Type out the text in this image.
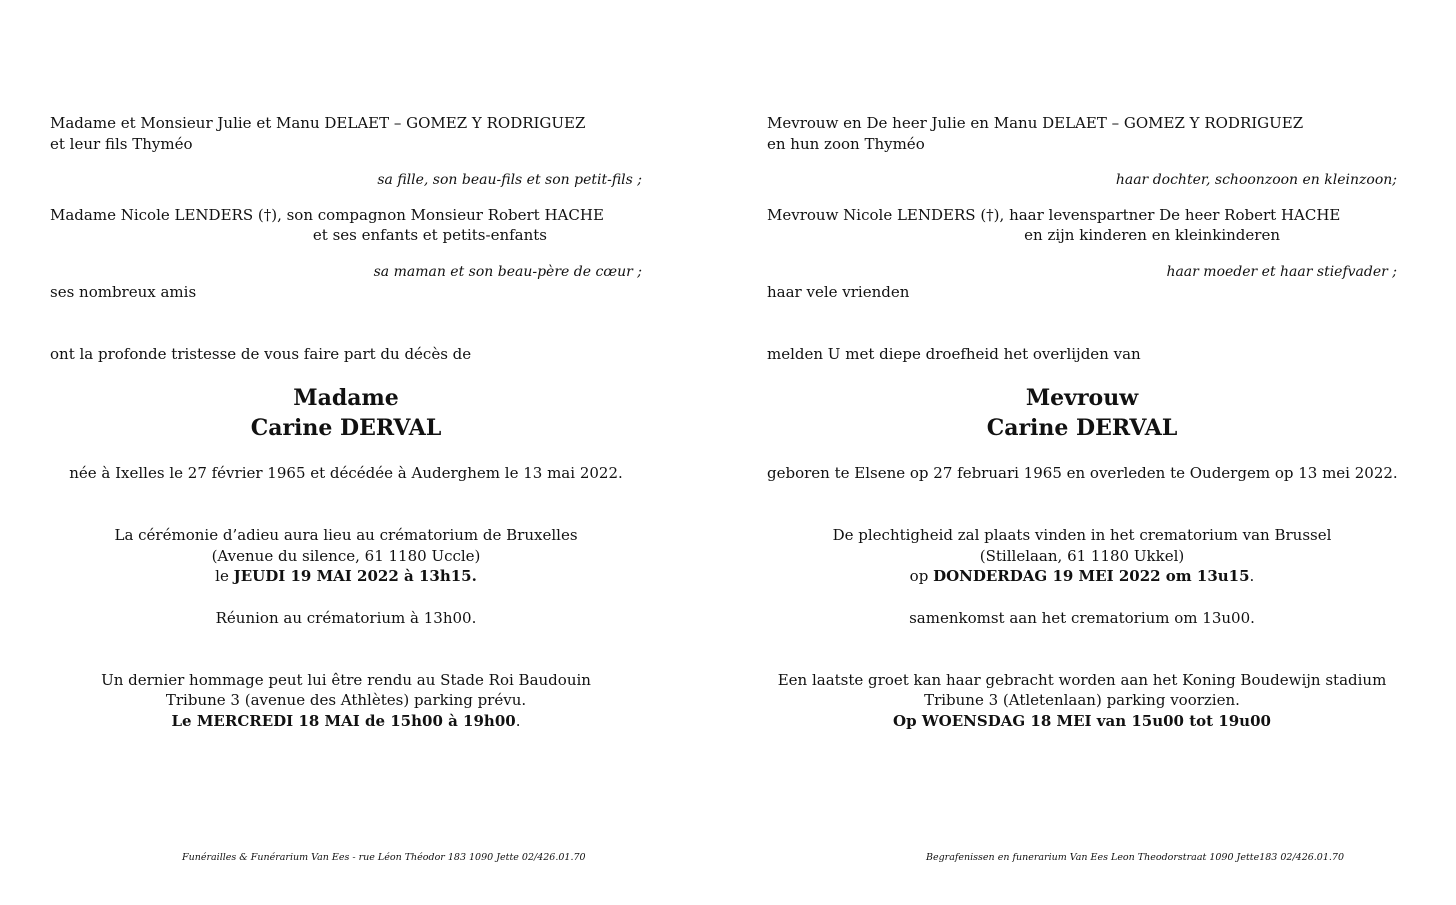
Madame et Monsieur Julie et Manu DELAET – GOMEZ Y RODRIGUEZ
et leur fils Thyméo
sa fille, son beau-fils et son petit-fils ;
Madame Nicole LENDERS (†), son compagnon Monsieur Robert HACHE
et ses enfants et petits-enfants
sa maman et son beau-père de cœur ;
ses nombreux amis
ont la profonde tristesse de vous faire part du décès de
Madame
Carine DERVAL
née à Ixelles le 27 février 1965 et décédée à Auderghem le 13 mai 2022.
La cérémonie d’adieu aura lieu au crématorium de Bruxelles
(Avenue du silence, 61 1180 Uccle)
le JEUDI 19 MAI 2022 à 13h15.
Réunion au crématorium à 13h00.
Un dernier hommage peut lui être rendu au Stade Roi Baudouin
Tribune 3 (avenue des Athlètes) parking prévu.
Le MERCREDI 18 MAI de 15h00 à 19h00.
Funérailles & Funérarium Van Ees - rue Léon Théodor 183 1090 Jette 02/426.01.70
Mevrouw en De heer Julie en Manu DELAET – GOMEZ Y RODRIGUEZ
en hun zoon Thyméo
haar dochter, schoonzoon en kleinzoon;
Mevrouw Nicole LENDERS (†), haar levenspartner De heer Robert HACHE
en zijn kinderen en kleinkinderen
haar moeder et haar stiefvader ;
haar vele vrienden
melden U met diepe droefheid het overlijden van
Mevrouw
Carine DERVAL
geboren te Elsene op 27 februari 1965 en overleden te Oudergem op 13 mei 2022.
De plechtigheid zal plaats vinden in het crematorium van Brussel
(Stillelaan, 61 1180 Ukkel)
op DONDERDAG 19 MEI 2022 om 13u15.
samenkomst aan het crematorium om 13u00.
Een laatste groet kan haar gebracht worden aan het Koning Boudewijn stadium
Tribune 3 (Atletenlaan) parking voorzien.
Op WOENSDAG 18 MEI van 15u00 tot 19u00
Begrafenissen en funerarium Van Ees Leon Theodorstraat 1090 Jette183 02/426.01.70
